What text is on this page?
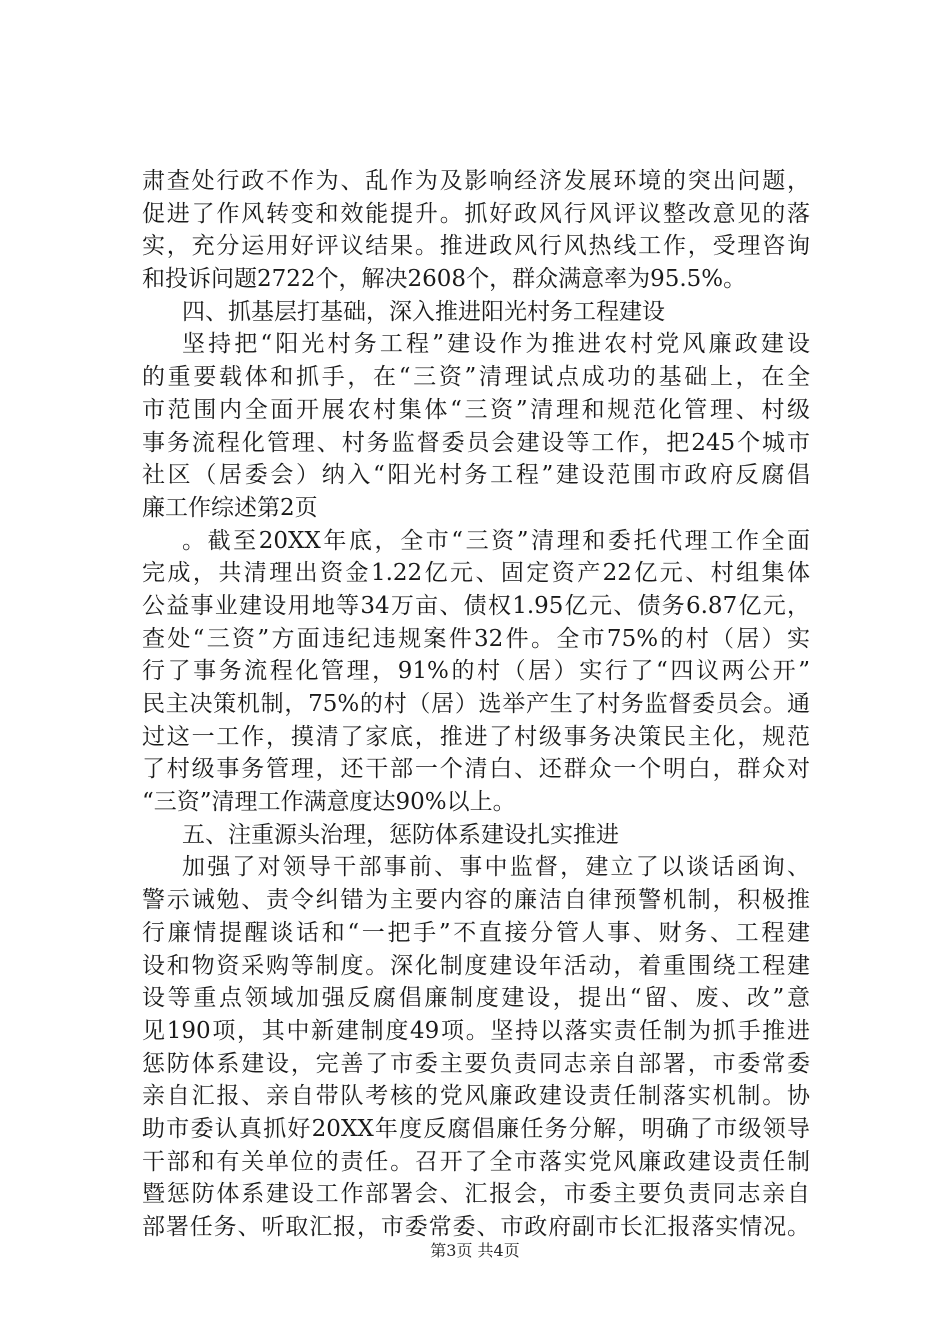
肃查处行政不作为、乱作为及影响经济发展环境的突出问题，
促进了作风转变和效能提升。抓好政风行风评议整改意见的落
实，充分运用好评议结果。推进政风行风热线工作，受理咨询
和投诉问题2722个，解决2608个，群众满意率为95.5%。
四、抓基层打基础，深入推进阳光村务工程建设
坚持把“阳光村务工程”建设作为推进农村党风廉政建设
的重要载体和抓手，在“三资”清理试点成功的基础上，在全
市范围内全面开展农村集体“三资”清理和规范化管理、村级
事务流程化管理、村务监督委员会建设等工作，把245个城市
社区（居委会）纳入“阳光村务工程”建设范围市政府反腐倡
廉工作综述第2页
。截至20XX年底，全市“三资”清理和委托代理工作全面
完成，共清理出资金1.22亿元、固定资产22亿元、村组集体
公益事业建设用地等34万亩、债权1.95亿元、债务6.87亿元，
查处“三资”方面违纪违规案件32件。全市75%的村（居）实
行了事务流程化管理，91%的村（居）实行了“四议两公开”
民主决策机制，75%的村（居）选举产生了村务监督委员会。通
过这一工作，摸清了家底，推进了村级事务决策民主化，规范
了村级事务管理，还干部一个清白、还群众一个明白，群众对
“三资”清理工作满意度达90%以上。
五、注重源头治理，惩防体系建设扎实推进
加强了对领导干部事前、事中监督，建立了以谈话函询、
警示诫勉、责令纠错为主要内容的廉洁自律预警机制，积极推
行廉情提醒谈话和“一把手”不直接分管人事、财务、工程建
设和物资采购等制度。深化制度建设年活动，着重围绕工程建
设等重点领域加强反腐倡廉制度建设，提出“留、废、改”意
见190项，其中新建制度49项。坚持以落实责任制为抓手推进
惩防体系建设，完善了市委主要负责同志亲自部署，市委常委
亲自汇报、亲自带队考核的党风廉政建设责任制落实机制。协
助市委认真抓好20XX年度反腐倡廉任务分解，明确了市级领导
干部和有关单位的责任。召开了全市落实党风廉政建设责任制
暨惩防体系建设工作部署会、汇报会，市委主要负责同志亲自
部署任务、听取汇报，市委常委、市政府副市长汇报落实情况。
第3页 共4页
